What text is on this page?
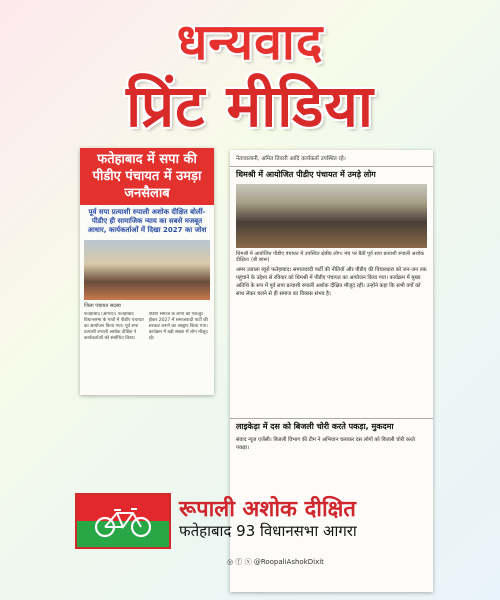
धन्यवाद
प्रिंट मीडिया
फतेहाबाद में सपा की पीडीए पंचायत में उमड़ा जनसैलाब
पूर्व सपा प्रत्याशी रुपाली अशोक दीक्षित बोलीं- पीडीए ही सामाजिक न्याय का सबसे मजबूत आधार, कार्यकर्ताओं में दिखा 2027 का जोश
जिला पंचायत सदस्य
फतेहाबाद (आगरा)। फतेहाबाद विधानसभा के गांवों में पीडीए पंचायत का आयोजन किया गया। पूर्व सपा प्रत्याशी रुपाली अशोक दीक्षित ने कार्यकर्ताओं को संबोधित किया।
पीडीए समाज के लोगों को एकजुट होकर 2027 में समाजवादी पार्टी की सरकार बनाने का आह्वान किया गया। कार्यक्रम में बड़ी संख्या में लोग मौजूद रहे।
नेतावालानी, अमित तिवारी आदि कार्यकर्ता उपस्थित रहे।
धिमश्री में आयोजित पीडीए पंचायत में उमड़े लोग
धिमश्री में आयोजित पीडीए पंचायत में उपस्थित क्षेत्रीय लोग। मंच पर बैठीं पूर्व सपा प्रत्याशी रुपाली अशोक दीक्षित। (बी स्वरू)
अमर उजाला ब्यूरो फतेहाबाद। समाजवादी पार्टी की नीतियों और पीडीए की विचारधारा को जन-जन तक पहुंचाने के उद्देश्य से रविवार को धिमश्री में पीडीए पंचायत का आयोजन किया गया। कार्यक्रम में मुख्य अतिथि के रूप में पूर्व सपा प्रत्याशी रुपाली अशोक दीक्षित मौजूद रहीं। उन्होंने कहा कि सभी वर्गों को साथ लेकर चलने से ही समाज का विकास संभव है।
लाइकेड़ा में दस को बिजली चोरी करते पकड़ा, मुकदमा
संवाद न्यूज एजेंसी। बिजली विभाग की टीम ने अभियान चलाकर दस लोगों को बिजली चोरी करते पकड़ा।
रूपाली अशोक दीक्षित
फतेहाबाद 93 विधानसभा आगरा
◎ ⓕ ⓧ @RoopaliAshokDixit
